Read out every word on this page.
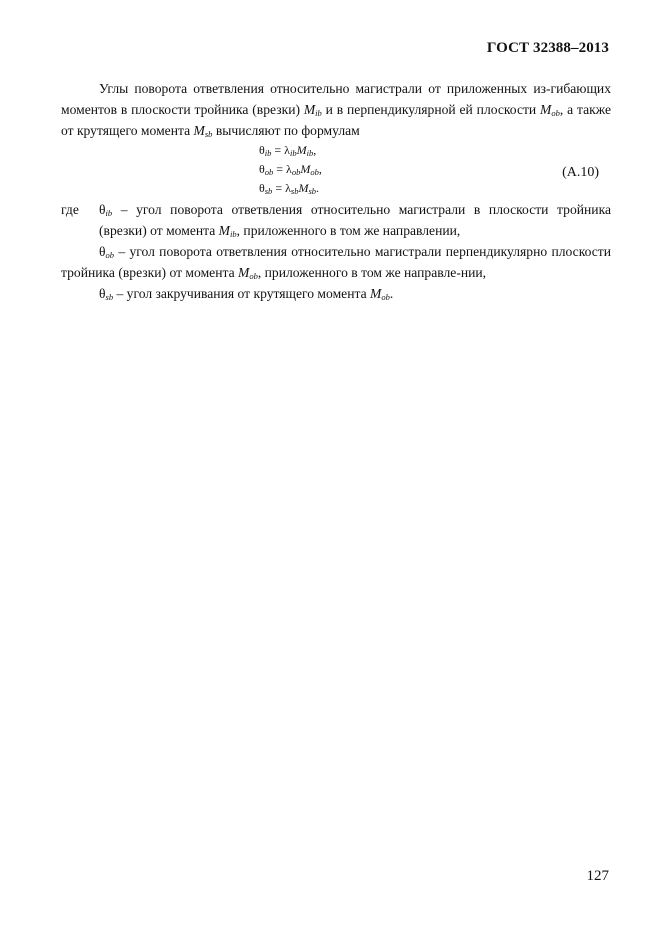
ГОСТ 32388–2013

Углы поворота ответвления относительно магистрали от приложенных из-гибающих моментов в плоскости тройника (врезки) $M_{ib}$ и в перпендикулярной ей плоскости $M_{ob}$, а также от крутящего момента $M_{sb}$ вычисляют по формулам

$\theta_{ib} = \lambda_{ib}M_{ib}$,
$\theta_{ob} = \lambda_{ob}M_{ob}$,
$\theta_{sb} = \lambda_{sb}M_{sb}$.
(А.10)
где	$\theta_{ib}$ – угол поворота ответвления относительно магистрали в плоскости тройника (врезки) от момента $M_{ib}$, приложенного в том же направлении,

$\theta_{ob}$ – угол поворота ответвления относительно магистрали перпендикулярно плоскости тройника (врезки) от момента $M_{ob}$, приложенного в том же направле-нии,

$\theta_{sb}$ – угол закручивания от крутящего момента $M_{ob}$.

127
